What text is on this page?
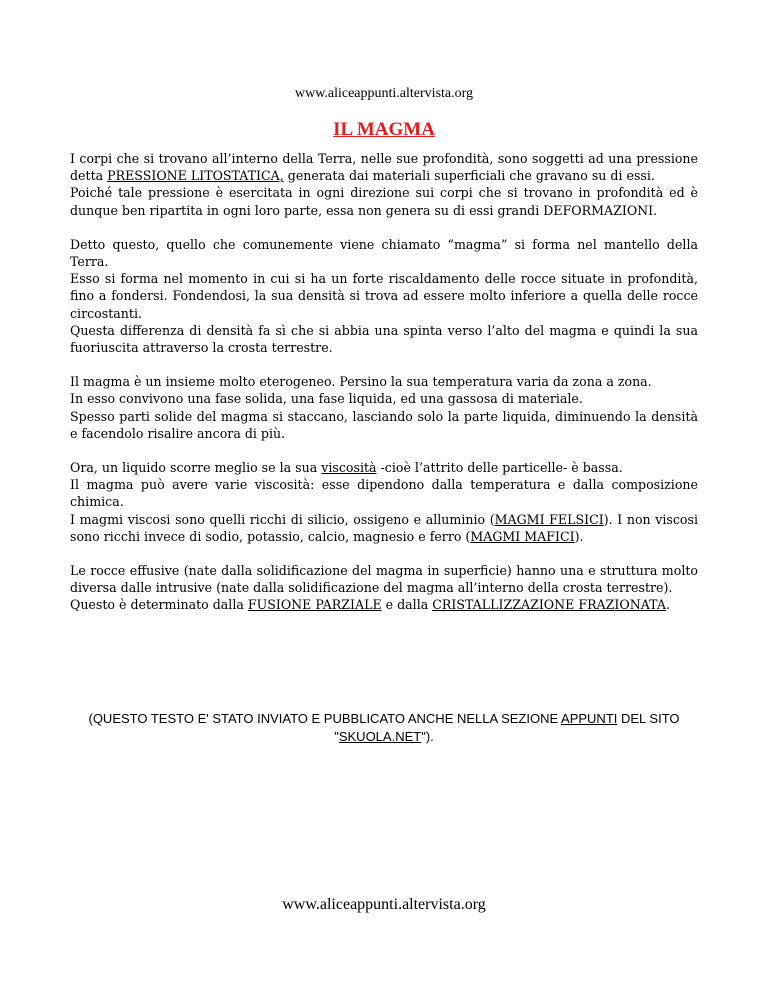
www.aliceappunti.altervista.org
IL MAGMA

I corpi che si trovano all’interno della Terra, nelle sue profondità, sono soggetti ad una pressione detta PRESSIONE LITOSTATICA, generata dai materiali superficiali che gravano su di essi.
Poiché tale pressione è esercitata in ogni direzione sui corpi che si trovano in profondità ed è dunque ben ripartita in ogni loro parte, essa non genera su di essi grandi DEFORMAZIONI.

Detto questo, quello che comunemente viene chiamato “magma” si forma nel mantello della Terra.
Esso si forma nel momento in cui si ha un forte riscaldamento delle rocce situate in profondità, fino a fondersi. Fondendosi, la sua densità si trova ad essere molto inferiore a quella delle rocce circostanti.
Questa differenza di densità fa sì che si abbia una spinta verso l’alto del magma e quindi la sua fuoriuscita attraverso la crosta terrestre.

Il magma è un insieme molto eterogeneo. Persino la sua temperatura varia da zona a zona.
In esso convivono una fase solida, una fase liquida, ed una gassosa di materiale.
Spesso parti solide del magma si staccano, lasciando solo la parte liquida, diminuendo la densità e facendolo risalire ancora di più.

Ora, un liquido scorre meglio se la sua viscosità -cioè l’attrito delle particelle- è bassa.
Il magma può avere varie viscosità: esse dipendono dalla temperatura e dalla composizione chimica.
I magmi viscosi sono quelli ricchi di silicio, ossigeno e alluminio (MAGMI FELSICI). I non viscosi sono ricchi invece di sodio, potassio, calcio, magnesio e ferro (MAGMI MAFICI).

Le rocce effusive (nate dalla solidificazione del magma in superficie) hanno una e struttura molto diversa dalle intrusive (nate dalla solidificazione del magma all’interno della crosta terrestre).
Questo è determinato dalla FUSIONE PARZIALE e dalla CRISTALLIZZAZIONE FRAZIONATA.

(QUESTO TESTO E' STATO INVIATO E PUBBLICATO ANCHE NELLA SEZIONE APPUNTI DEL SITO "SKUOLA.NET").
www.aliceappunti.altervista.org
